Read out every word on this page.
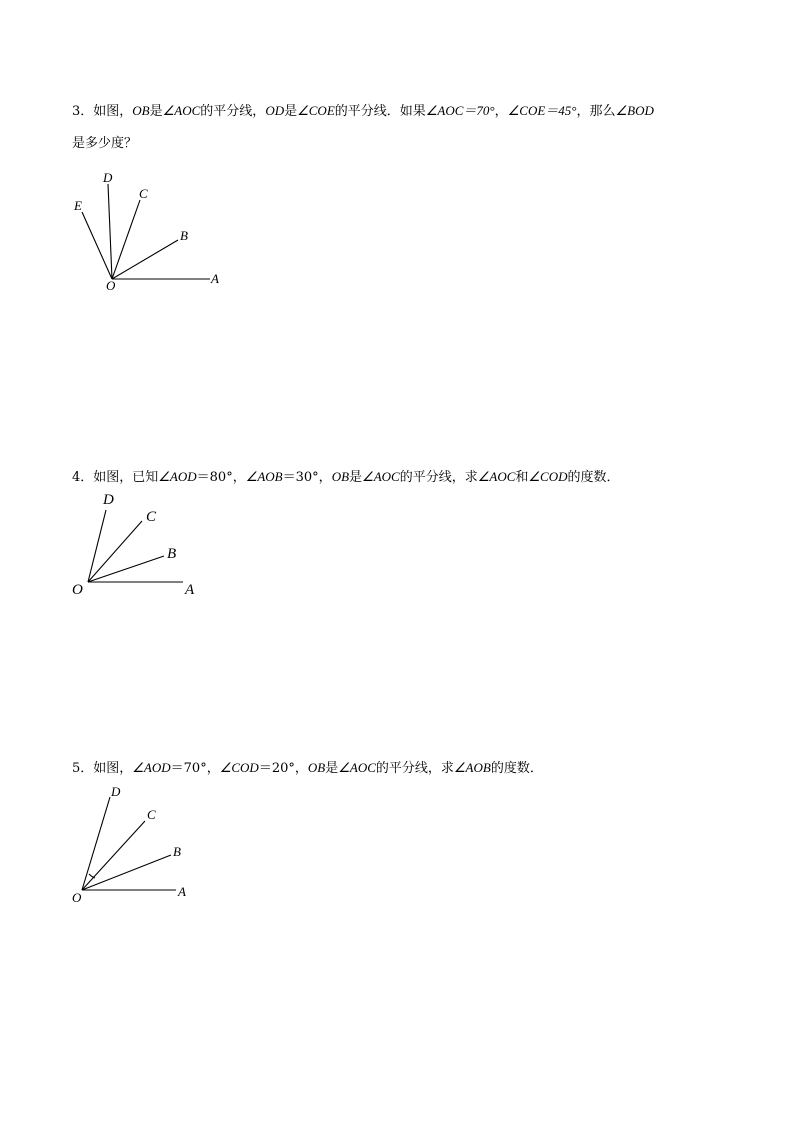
3．如图，OB是∠AOC的平分线，OD是∠COE的平分线．如果∠AOC＝70°，∠COE＝45°，那么∠BOD
是多少度？
E
D
C
B
A
O
4．如图，已知∠AOD＝80°，∠AOB＝30°，OB是∠AOC的平分线，求∠AOC和∠COD的度数．
D
C
B
A
O
5．如图，∠AOD＝70°，∠COD＝20°，OB是∠AOC的平分线，求∠AOB的度数．
D
C
B
A
O
